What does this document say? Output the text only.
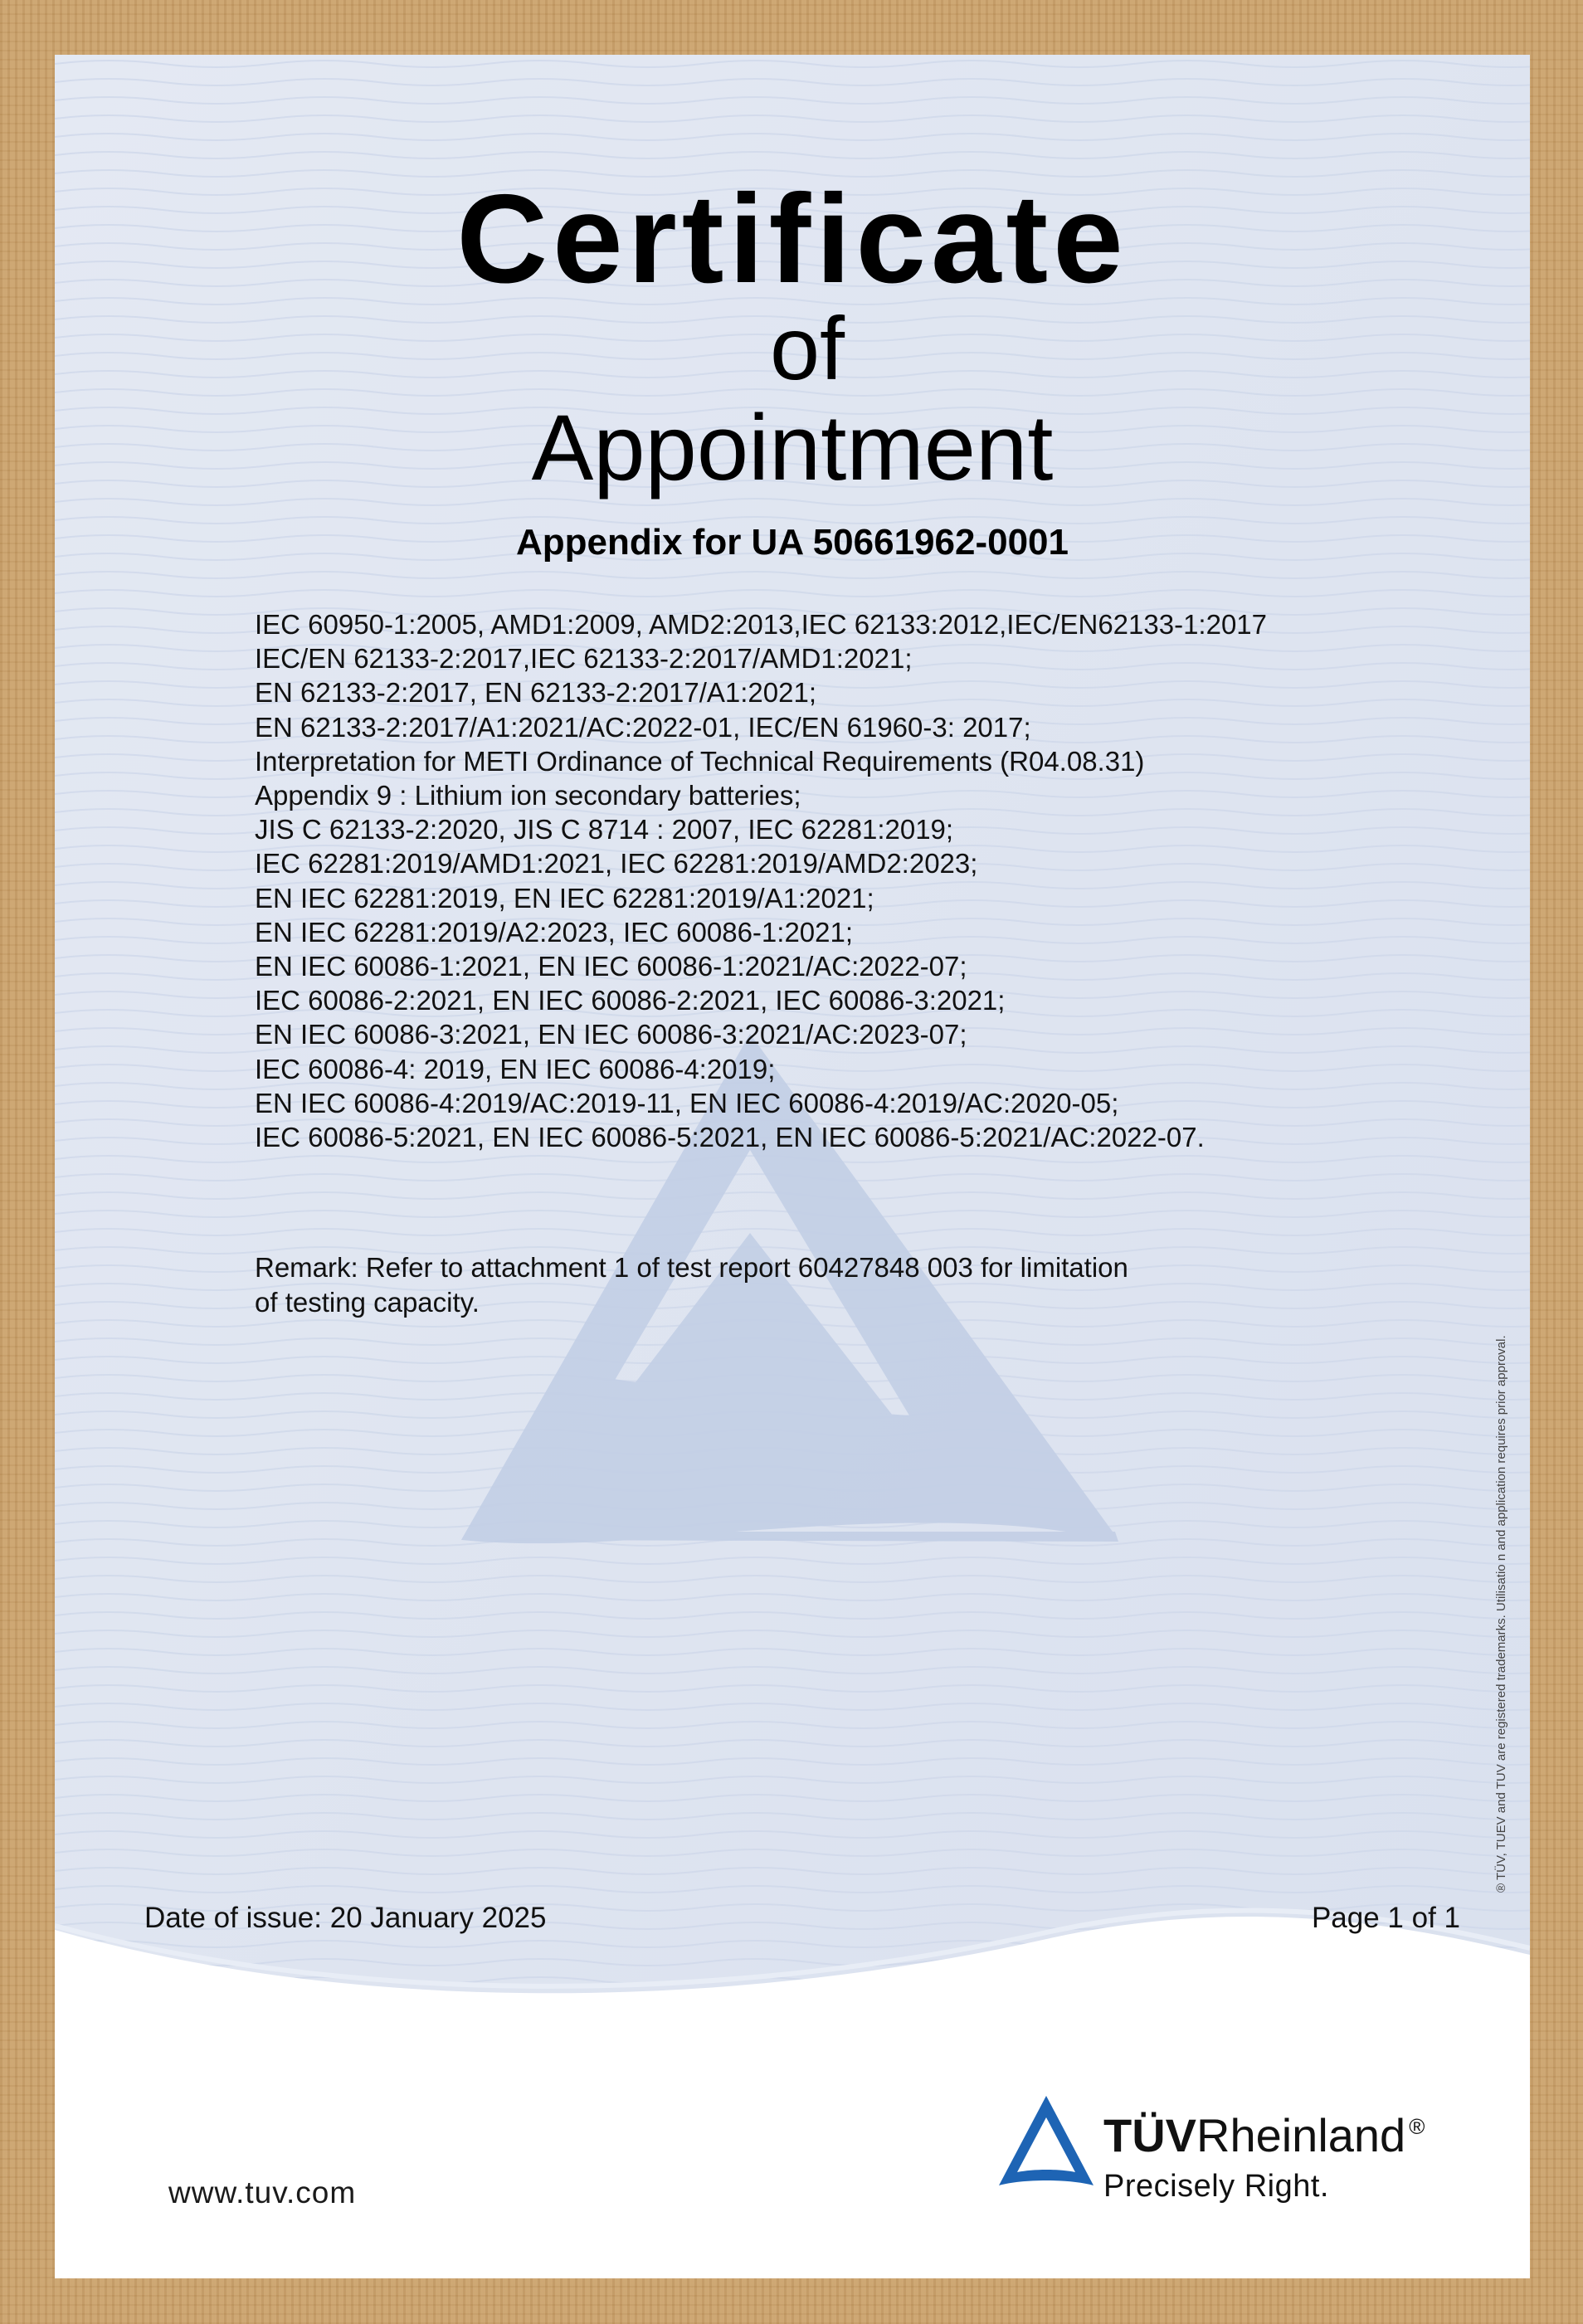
Certificate
of
Appointment
Appendix for UA 50661962-0001
IEC 60950-1:2005, AMD1:2009, AMD2:2013,IEC 62133:2012,IEC/EN62133-1:2017
IEC/EN 62133-2:2017,IEC 62133-2:2017/AMD1:2021;
EN 62133-2:2017, EN 62133-2:2017/A1:2021;
EN 62133-2:2017/A1:2021/AC:2022-01, IEC/EN 61960-3: 2017;
Interpretation for METI Ordinance of Technical Requirements (R04.08.31)
Appendix 9 : Lithium ion secondary batteries;
JIS C 62133-2:2020, JIS C 8714 : 2007, IEC 62281:2019;
IEC 62281:2019/AMD1:2021, IEC 62281:2019/AMD2:2023;
EN IEC 62281:2019, EN IEC 62281:2019/A1:2021;
EN IEC 62281:2019/A2:2023, IEC 60086-1:2021;
EN IEC 60086-1:2021, EN IEC 60086-1:2021/AC:2022-07;
IEC 60086-2:2021, EN IEC 60086-2:2021, IEC 60086-3:2021;
EN IEC 60086-3:2021, EN IEC 60086-3:2021/AC:2023-07;
IEC 60086-4: 2019, EN IEC 60086-4:2019;
EN IEC 60086-4:2019/AC:2019-11, EN IEC 60086-4:2019/AC:2020-05;
IEC 60086-5:2021, EN IEC 60086-5:2021, EN IEC 60086-5:2021/AC:2022-07.
Remark: Refer to attachment 1 of test report 60427848 003 for limitation
of testing capacity.
Date of issue: 20 January 2025	Page 1 of 1
® TÜV, TUEV and TUV are registered trademarks. Utilisatio n and application requires prior approval.
www.tuv.com
TÜVRheinland ®
Precisely Right.
